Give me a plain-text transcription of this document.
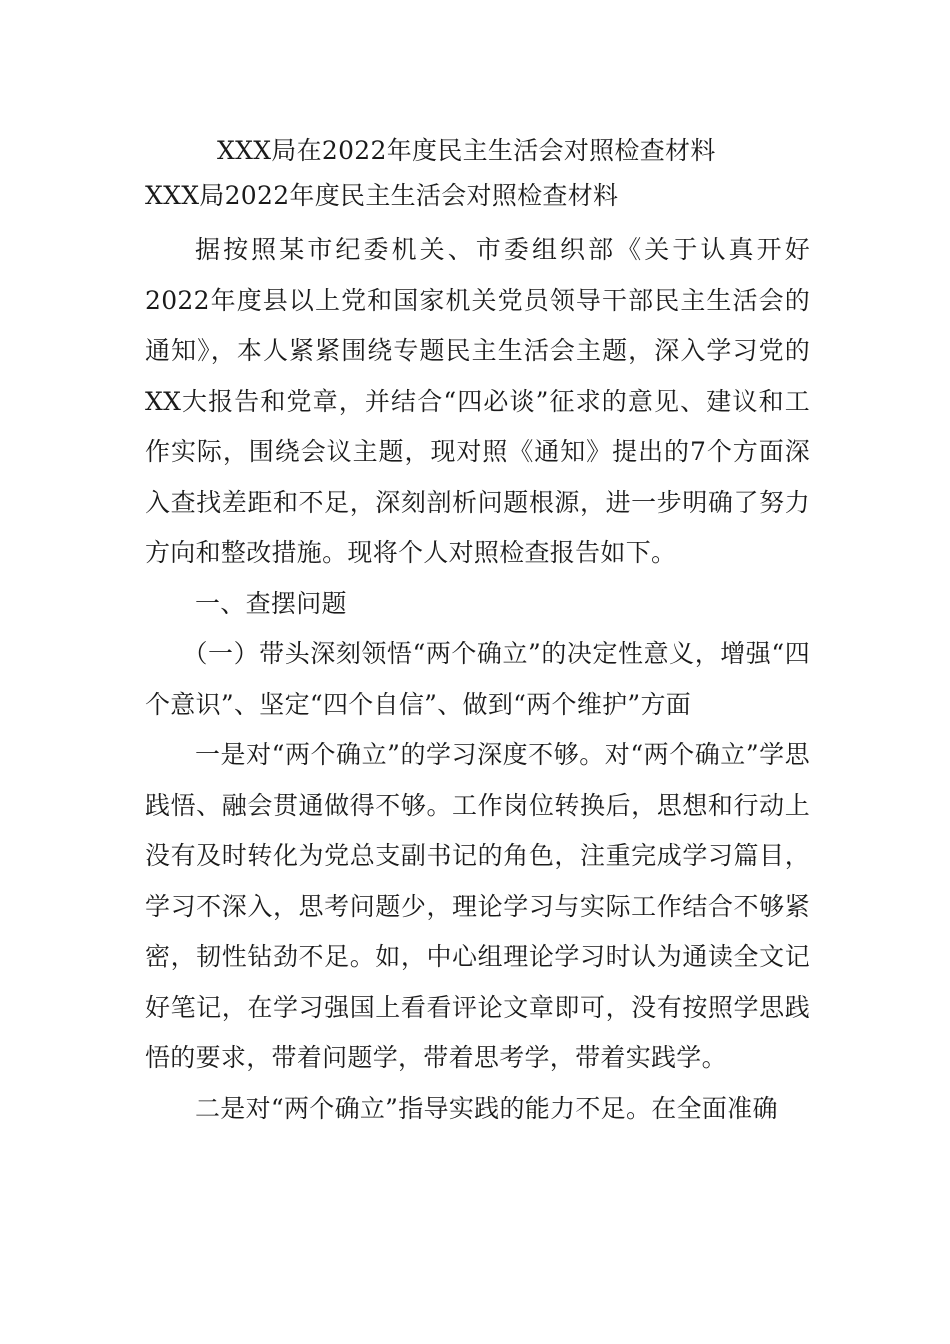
XXX局在2022年度民主生活会对照检查材料
XXX局2022年度民主生活会对照检查材料

据按照某市纪委机关、市委组织部《关于认真开好2022年度县以上党和国家机关党员领导干部民主生活会的通知》，本人紧紧围绕专题民主生活会主题，深入学习党的XX大报告和党章，并结合“四必谈”征求的意见、建议和工作实际，围绕会议主题，现对照《通知》提出的7个方面深入查找差距和不足，深刻剖析问题根源，进一步明确了努力方向和整改措施。现将个人对照检查报告如下。

一、查摆问题

（一）带头深刻领悟“两个确立”的决定性意义，增强“四个意识”、坚定“四个自信”、做到“两个维护”方面

一是对“两个确立”的学习深度不够。对“两个确立”学思践悟、融会贯通做得不够。工作岗位转换后，思想和行动上没有及时转化为党总支副书记的角色，注重完成学习篇目，学习不深入，思考问题少，理论学习与实际工作结合不够紧密，韧性钻劲不足。如，中心组理论学习时认为通读全文记好笔记，在学习强国上看看评论文章即可，没有按照学思践悟的要求，带着问题学，带着思考学，带着实践学。

二是对“两个确立”指导实践的能力不足。在全面准确
